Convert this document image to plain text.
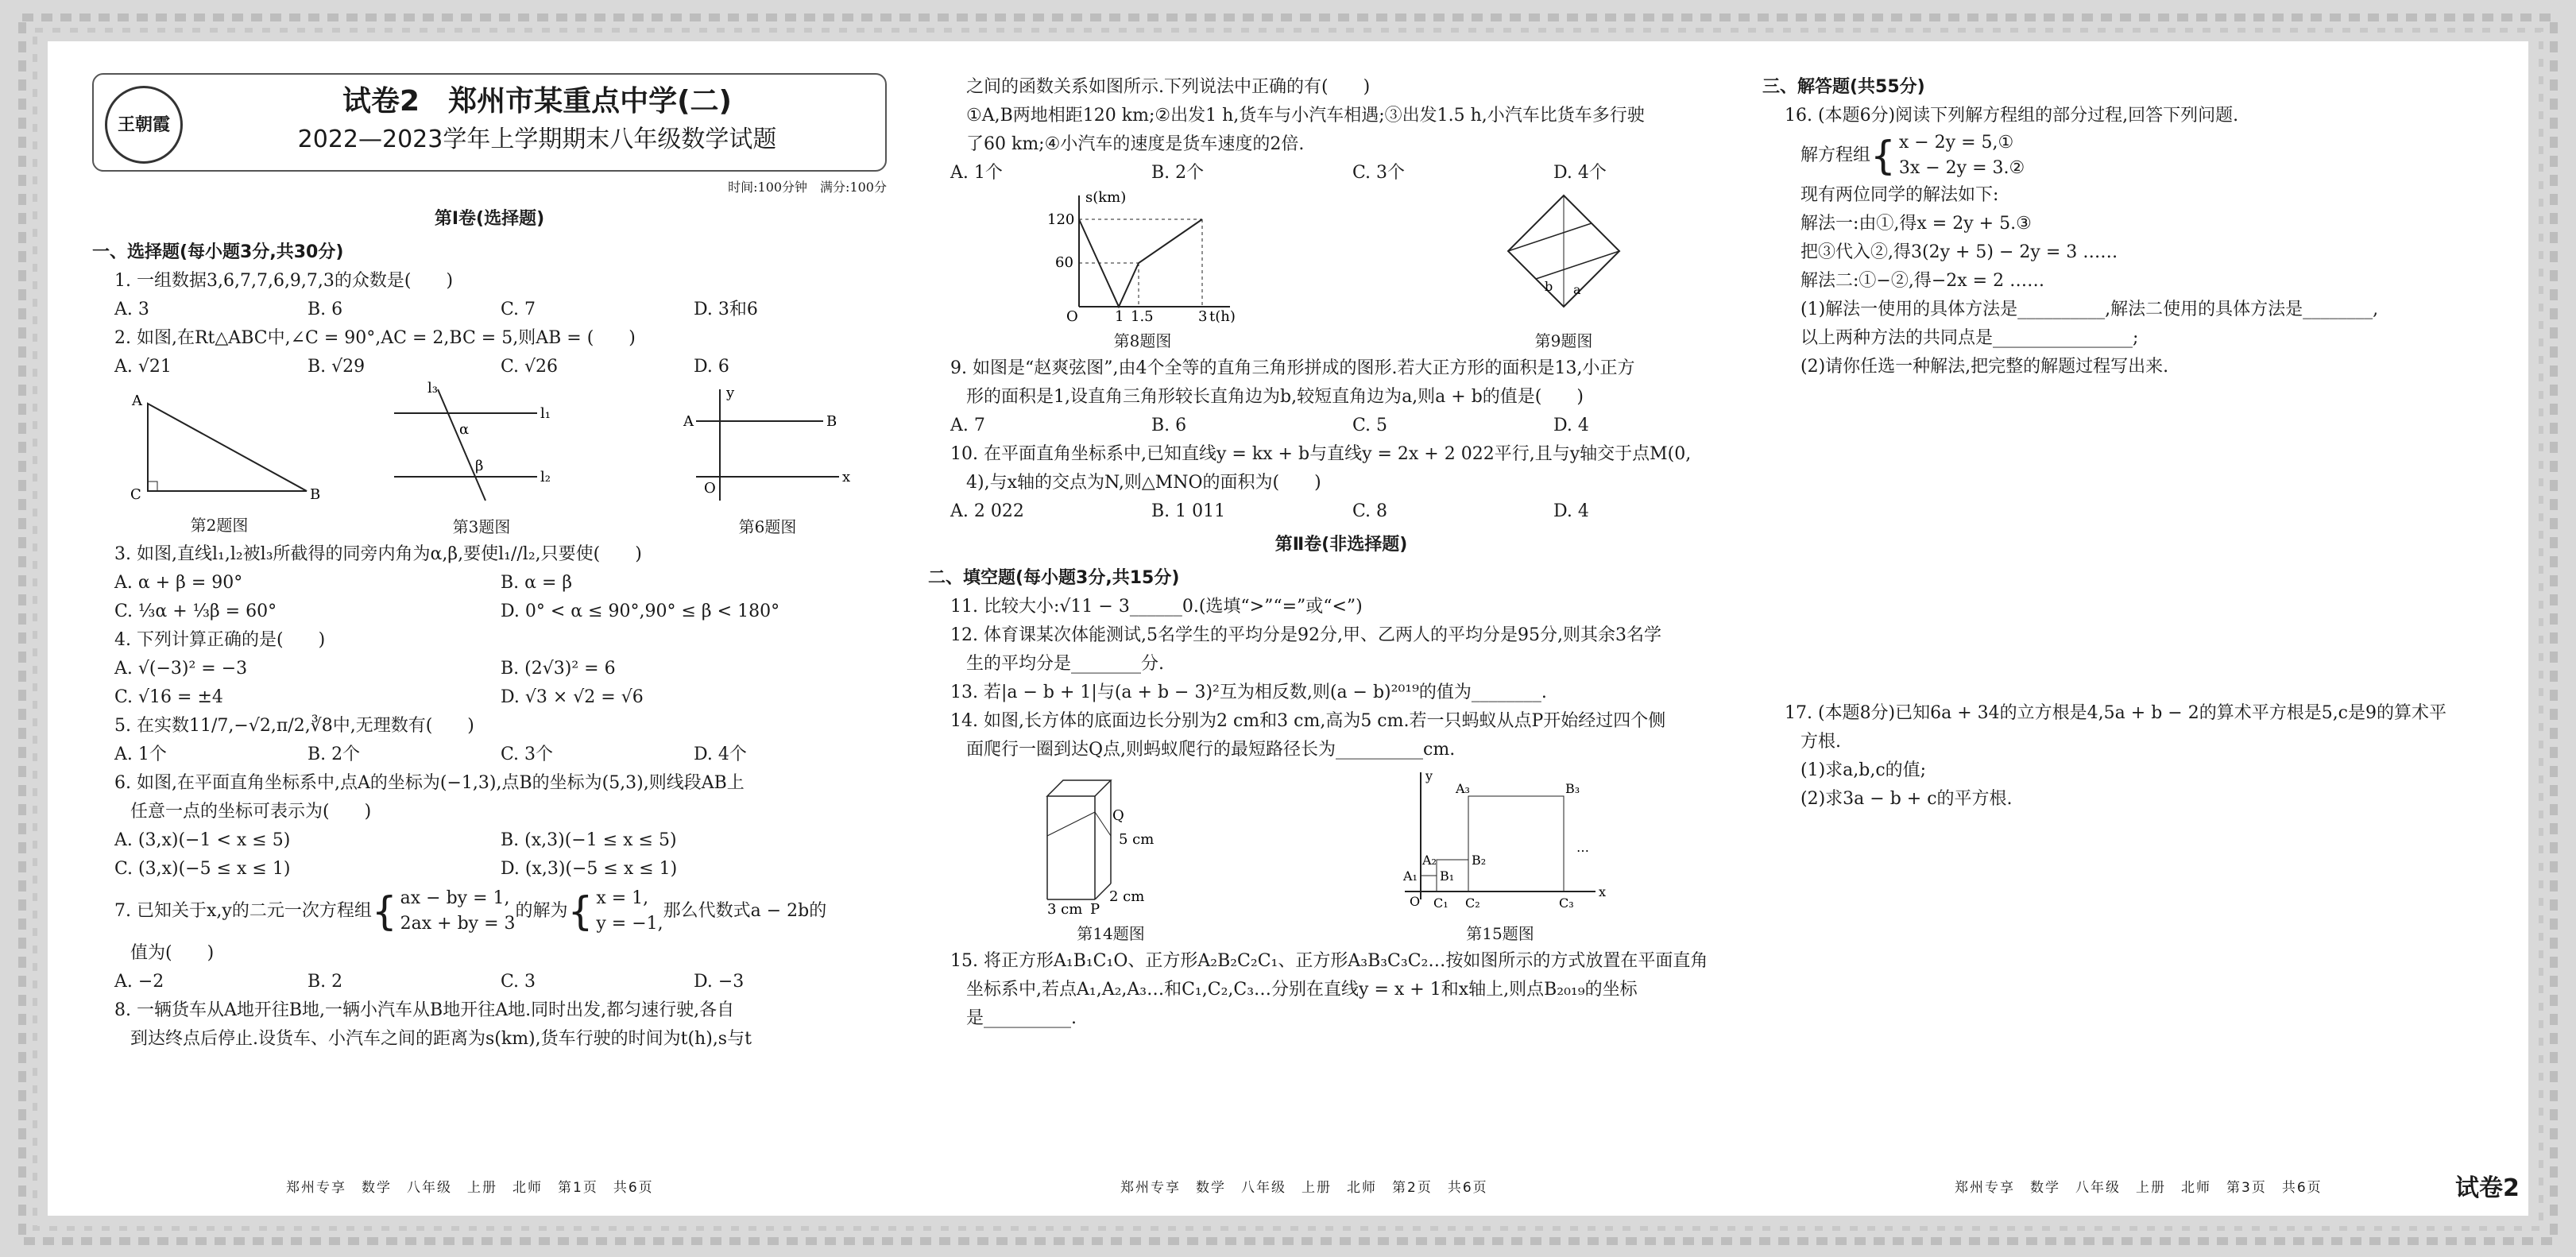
王朝霞
试卷2　郑州市某重点中学(二)
2022—2023学年上学期期末八年级数学试题
时间:100分钟　满分:100分
第Ⅰ卷(选择题)
一、选择题(每小题3分,共30分)
1. 一组数据3,6,7,7,6,9,7,3的众数是(　　)
A. 3	B. 6	C. 7	D. 3和6
2. 如图,在Rt△ABC中,∠C = 90°,AC = 2,BC = 5,则AB = (　　)
A. √21	B. √29	C. √26	D. 6
A
C	B
第2题图
l₁
l₂
l₃
α
β
第3题图
y
x
O
A	B
第6题图
3. 如图,直线l₁,l₂被l₃所截得的同旁内角为α,β,要使l₁//l₂,只要使(　　)
A. α + β = 90°	B. α = β
C. ⅓α + ⅓β = 60°	D. 0° < α ≤ 90°,90° ≤ β < 180°
4. 下列计算正确的是(　　)
A. √(−3)² = −3	B. (2√3)² = 6
C. √16 = ±4	D. √3 × √2 = √6
5. 在实数11/7,−√2,π/2,∛8中,无理数有(　　)
A. 1个	B. 2个	C. 3个	D. 4个
6. 如图,在平面直角坐标系中,点A的坐标为(−1,3),点B的坐标为(5,3),则线段AB上
任意一点的坐标可表示为(　　)
A. (3,x)(−1 < x ≤ 5)	B. (x,3)(−1 ≤ x ≤ 5)
C. (3,x)(−5 ≤ x ≤ 1)	D. (x,3)(−5 ≤ x ≤ 1)
7. 已知关于x,y的二元一次方程组 { ax − by = 1,
2ax + by = 3
的解为 { x = 1,
y = −1,
那么代数式a − 2b的
值为(　　)
A. −2	B. 2	C. 3	D. −3
8. 一辆货车从A地开往B地,一辆小汽车从B地开往A地.同时出发,都匀速行驶,各自
到达终点后停止.设货车、小汽车之间的距离为s(km),货车行驶的时间为t(h),s与t
之间的函数关系如图所示.下列说法中正确的有(　　)
①A,B两地相距120 km;②出发1 h,货车与小汽车相遇;③出发1.5 h,小汽车比货车多行驶
了60 km;④小汽车的速度是货车速度的2倍.
A. 1个	B. 2个	C. 3个	D. 4个
s(km)
120
60
O	1 1.5	3 t(h)
第8题图
b a
第9题图
9. 如图是“赵爽弦图”,由4个全等的直角三角形拼成的图形.若大正方形的面积是13,小正方
形的面积是1,设直角三角形较长直角边为b,较短直角边为a,则a + b的值是(　　)
A. 7	B. 6	C. 5	D. 4
10. 在平面直角坐标系中,已知直线y = kx + b与直线y = 2x + 2 022平行,且与y轴交于点M(0,
4),与x轴的交点为N,则△MNO的面积为(　　)
A. 2 022	B. 1 011	C. 8	D. 4
第Ⅱ卷(非选择题)
二、填空题(每小题3分,共15分)
11. 比较大小:√11 − 3______0.(选填“>”“=”或“<”)
12. 体育课某次体能测试,5名学生的平均分是92分,甲、乙两人的平均分是95分,则其余3名学
生的平均分是________分.
13. 若|a − b + 1|与(a + b − 3)²互为相反数,则(a − b)²⁰¹⁹的值为________.
14. 如图,长方体的底面边长分别为2 cm和3 cm,高为5 cm.若一只蚂蚁从点P开始经过四个侧
面爬行一圈到达Q点,则蚂蚁爬行的最短路径长为__________cm.
Q
P
5 cm
2 cm
3 cm
第14题图
y
x
O
A₁
A₂
A₃
B₁
B₂
B₃
C₁ C₂	C₃
…
第15题图
15. 将正方形A₁B₁C₁O、正方形A₂B₂C₂C₁、正方形A₃B₃C₃C₂…按如图所示的方式放置在平面直角
坐标系中,若点A₁,A₂,A₃…和C₁,C₂,C₃…分别在直线y = x + 1和x轴上,则点B₂₀₁₉的坐标
是__________.
三、解答题(共55分)
16. (本题6分)阅读下列解方程组的部分过程,回答下列问题.
解方程组 { x − 2y = 5,①
3x − 2y = 3.②
现有两位同学的解法如下:
解法一:由①,得x = 2y + 5.③
把③代入②,得3(2y + 5) − 2y = 3 ……
解法二:①−②,得−2x = 2 ……
(1)解法一使用的具体方法是__________,解法二使用的具体方法是________,
以上两种方法的共同点是________________;
(2)请你任选一种解法,把完整的解题过程写出来.
17. (本题8分)已知6a + 34的立方根是4,5a + b − 2的算术平方根是5,c是9的算术平
方根.
(1)求a,b,c的值;
(2)求3a − b + c的平方根.
郑州专享　数学　八年级　上册　北师　第1页　共6页	郑州专享　数学　八年级　上册　北师　第2页　共6页	郑州专享　数学　八年级　上册　北师　第3页　共6页	试卷2
